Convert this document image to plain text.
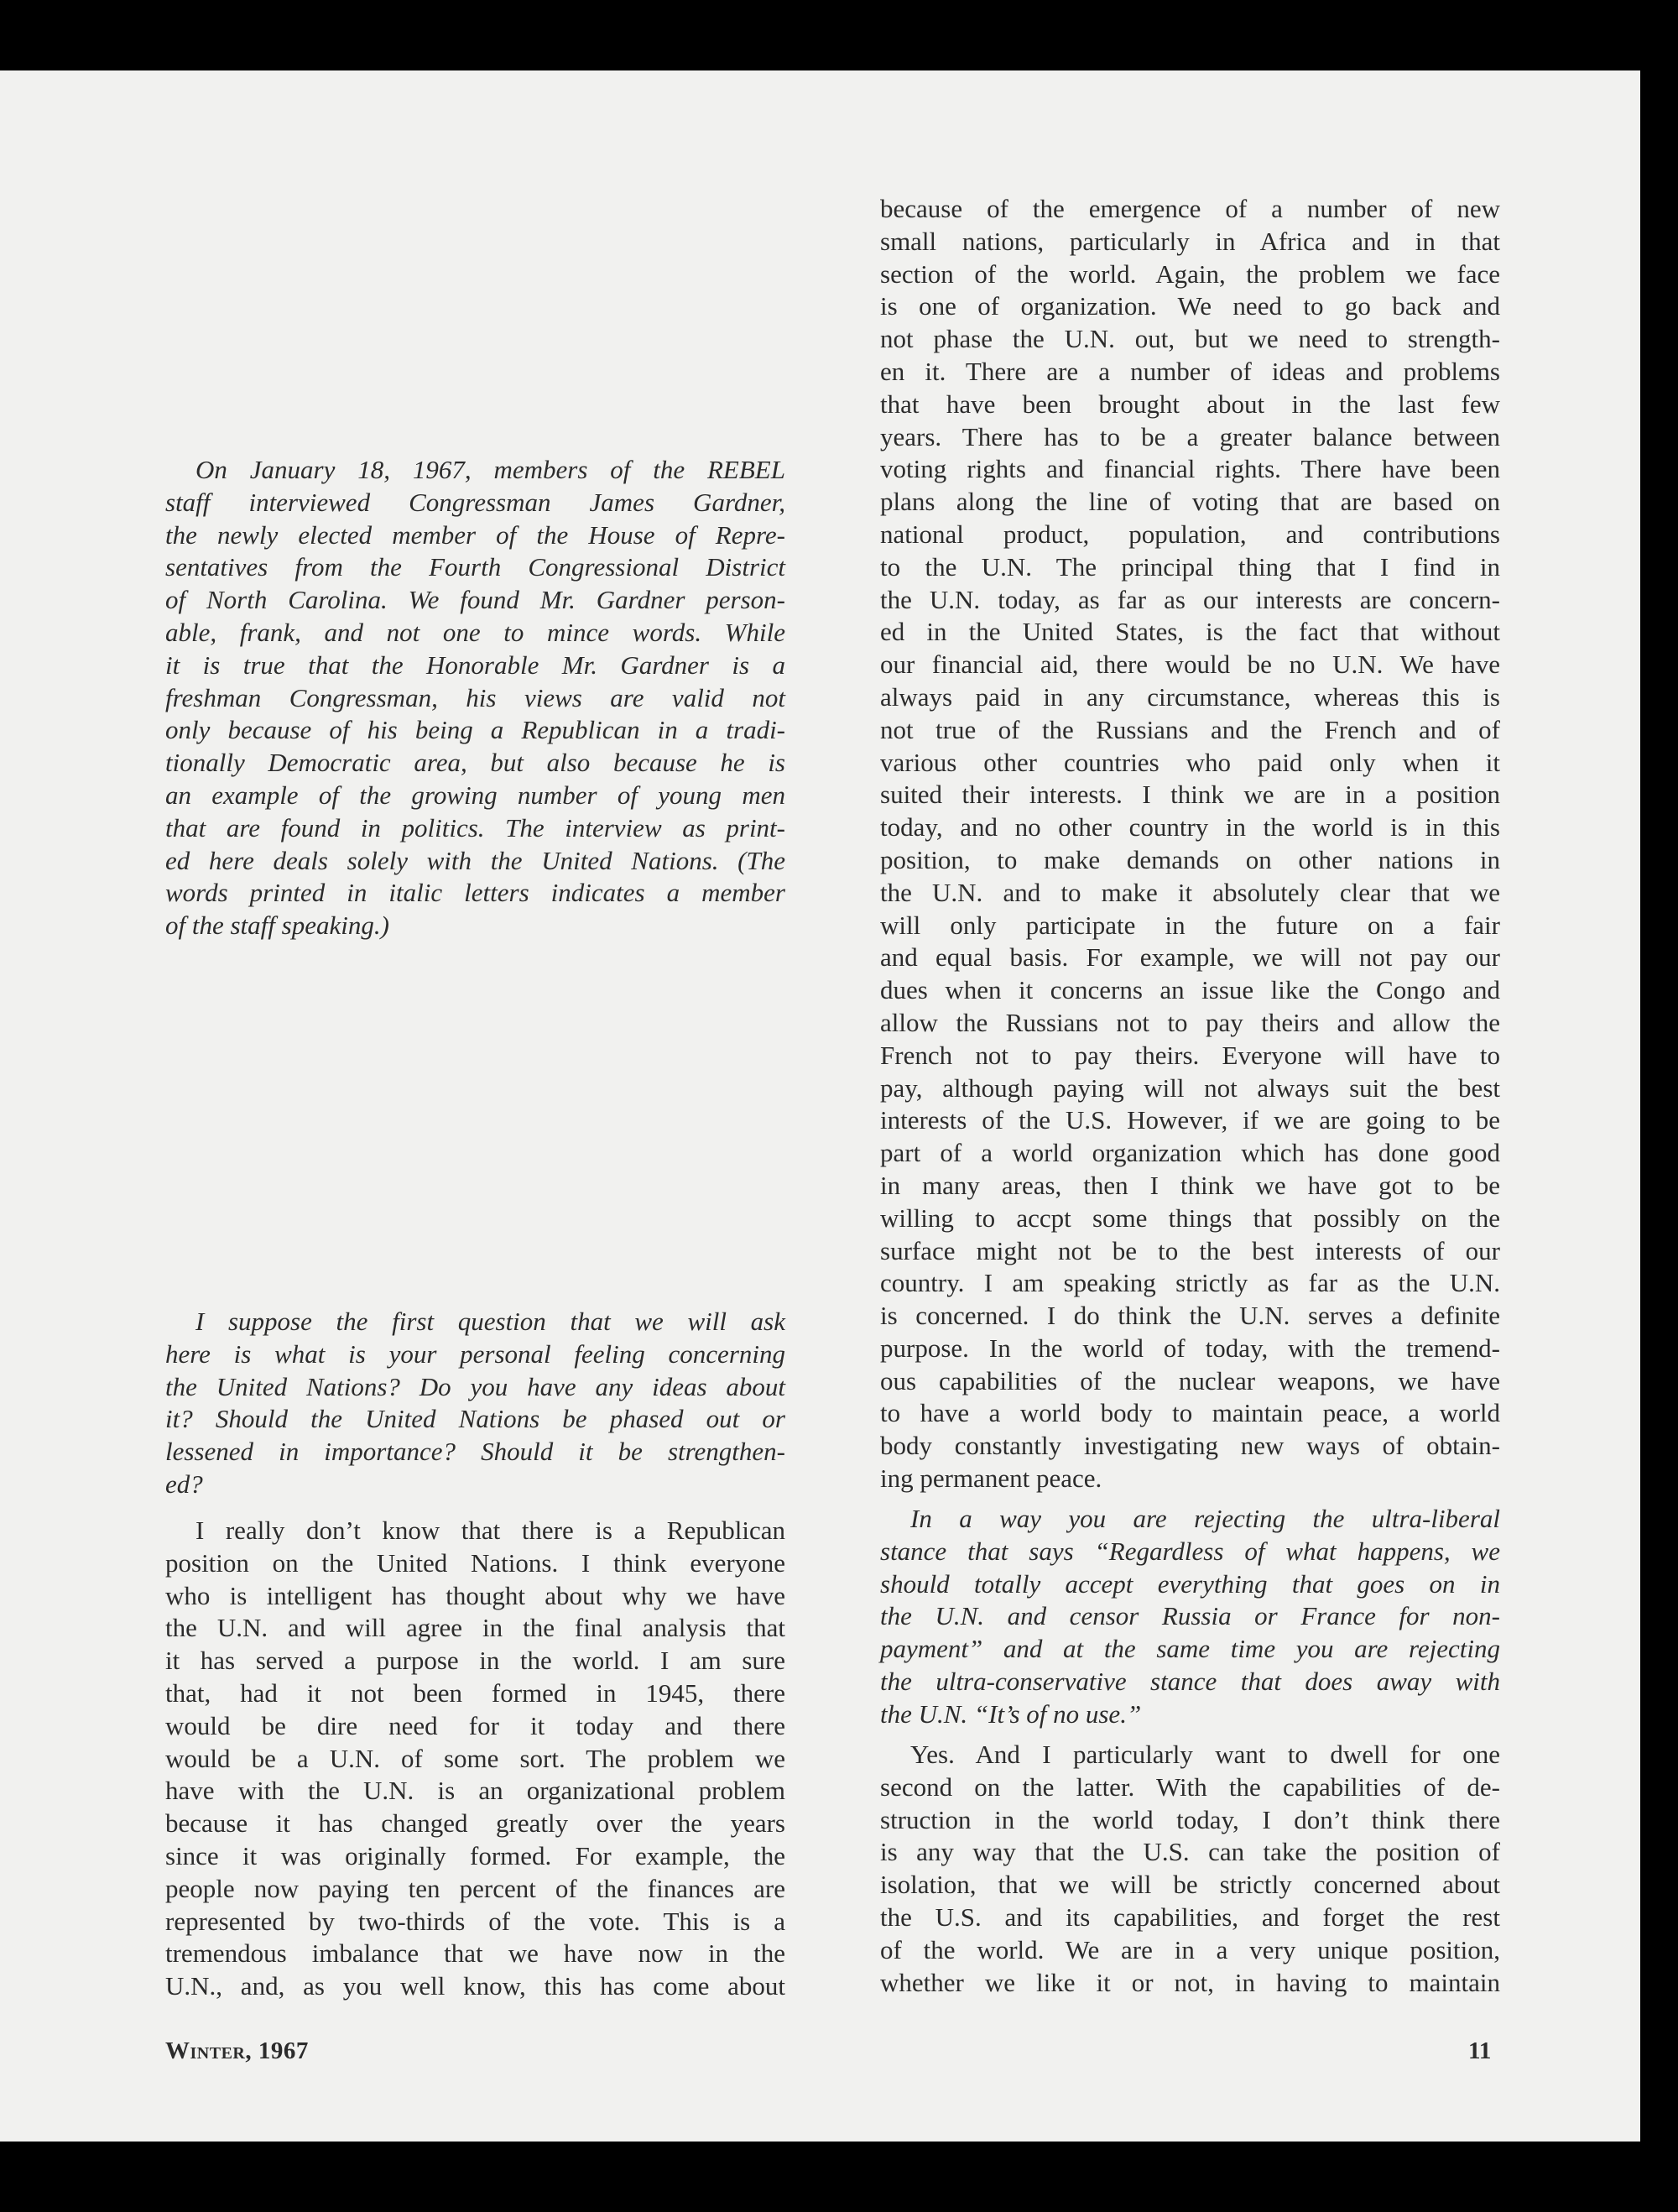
On January 18, 1967, members of the REBEL
staff interviewed Congressman James Gardner,
the newly elected member of the House of Repre-
sentatives from the Fourth Congressional District
of North Carolina. We found Mr. Gardner person-
able, frank, and not one to mince words. While
it is true that the Honorable Mr. Gardner is a
freshman Congressman, his views are valid not
only because of his being a Republican in a tradi-
tionally Democratic area, but also because he is
an example of the growing number of young men
that are found in politics. The interview as print-
ed here deals solely with the United Nations. (The
words printed in italic letters indicates a member
of the staff speaking.)
I suppose the first question that we will ask
here is what is your personal feeling concerning
the United Nations? Do you have any ideas about
it? Should the United Nations be phased out or
lessened in importance? Should it be strengthen-
ed?
I really don’t know that there is a Republican
position on the United Nations. I think everyone
who is intelligent has thought about why we have
the U.N. and will agree in the final analysis that
it has served a purpose in the world. I am sure
that, had it not been formed in 1945, there
would be dire need for it today and there
would be a U.N. of some sort. The problem we
have with the U.N. is an organizational problem
because it has changed greatly over the years
since it was originally formed. For example, the
people now paying ten percent of the finances are
represented by two-thirds of the vote. This is a
tremendous imbalance that we have now in the
U.N., and, as you well know, this has come about
because of the emergence of a number of new
small nations, particularly in Africa and in that
section of the world. Again, the problem we face
is one of organization. We need to go back and
not phase the U.N. out, but we need to strength-
en it. There are a number of ideas and problems
that have been brought about in the last few
years. There has to be a greater balance between
voting rights and financial rights. There have been
plans along the line of voting that are based on
national product, population, and contributions
to the U.N. The principal thing that I find in
the U.N. today, as far as our interests are concern-
ed in the United States, is the fact that without
our financial aid, there would be no U.N. We have
always paid in any circumstance, whereas this is
not true of the Russians and the French and of
various other countries who paid only when it
suited their interests. I think we are in a position
today, and no other country in the world is in this
position, to make demands on other nations in
the U.N. and to make it absolutely clear that we
will only participate in the future on a fair
and equal basis. For example, we will not pay our
dues when it concerns an issue like the Congo and
allow the Russians not to pay theirs and allow the
French not to pay theirs. Everyone will have to
pay, although paying will not always suit the best
interests of the U.S. However, if we are going to be
part of a world organization which has done good
in many areas, then I think we have got to be
willing to accpt some things that possibly on the
surface might not be to the best interests of our
country. I am speaking strictly as far as the U.N.
is concerned. I do think the U.N. serves a definite
purpose. In the world of today, with the tremend-
ous capabilities of the nuclear weapons, we have
to have a world body to maintain peace, a world
body constantly investigating new ways of obtain-
ing permanent peace.
In a way you are rejecting the ultra-liberal
stance that says “Regardless of what happens, we
should totally accept everything that goes on in
the U.N. and censor Russia or France for non-
payment” and at the same time you are rejecting
the ultra-conservative stance that does away with
the U.N. “It’s of no use.”
Yes. And I particularly want to dwell for one
second on the latter. With the capabilities of de-
struction in the world today, I don’t think there
is any way that the U.S. can take the position of
isolation, that we will be strictly concerned about
the U.S. and its capabilities, and forget the rest
of the world. We are in a very unique position,
whether we like it or not, in having to maintain
Winter, 1967	11
